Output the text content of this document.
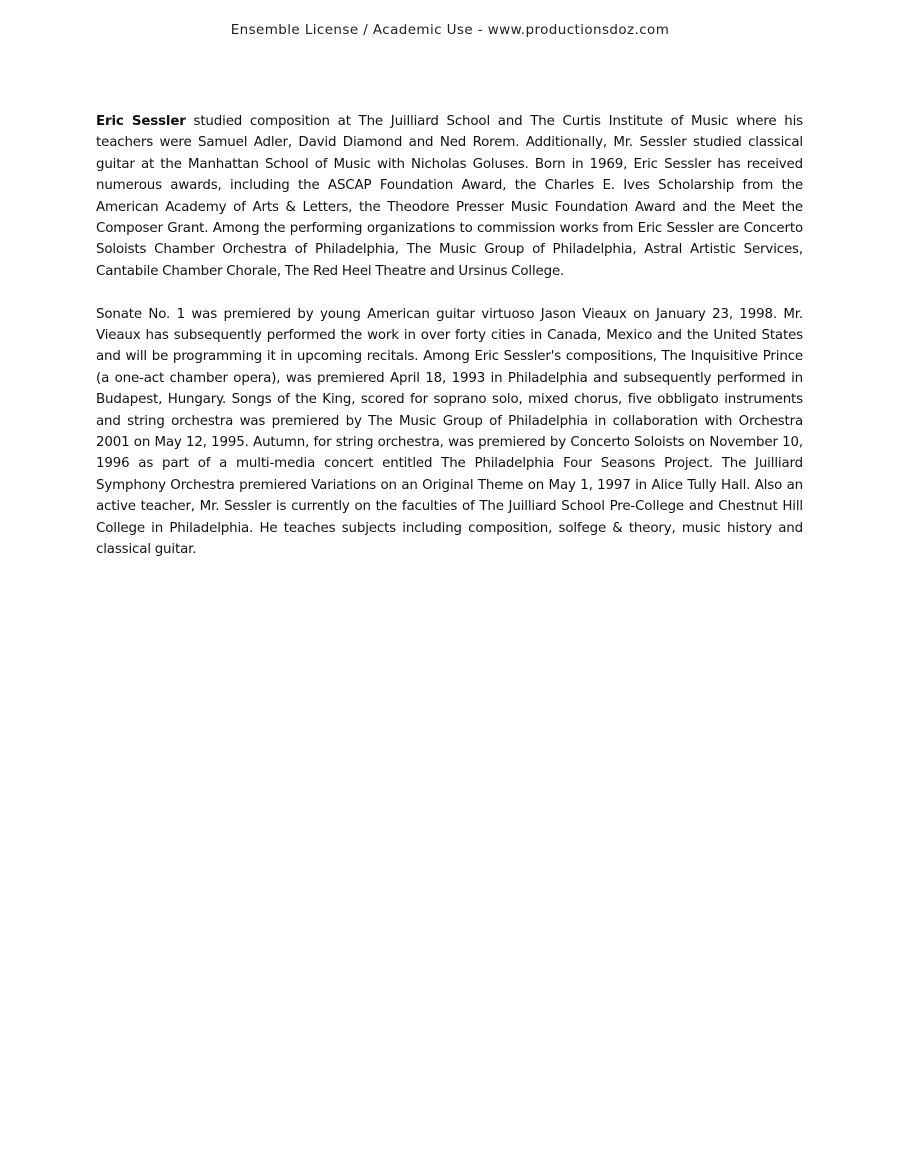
Ensemble License / Academic Use - www.productionsdoz.com

Eric Sessler studied composition at The Juilliard School and The Curtis Institute of Music where his teachers were Samuel Adler, David Diamond and Ned Rorem. Additionally, Mr. Sessler studied classical guitar at the Manhattan School of Music with Nicholas Goluses. Born in 1969, Eric Sessler has received numerous awards, including the ASCAP Foundation Award, the Charles E. Ives Scholarship from the American Academy of Arts & Letters, the Theodore Presser Music Foundation Award and the Meet the Composer Grant. Among the performing organizations to commission works from Eric Sessler are Concerto Soloists Chamber Orchestra of Philadelphia, The Music Group of Philadelphia, Astral Artistic Services, Cantabile Chamber Chorale, The Red Heel Theatre and Ursinus College.

Sonate No. 1 was premiered by young American guitar virtuoso Jason Vieaux on January 23, 1998. Mr. Vieaux has subsequently performed the work in over forty cities in Canada, Mexico and the United States and will be programming it in upcoming recitals. Among Eric Sessler's compositions, The Inquisitive Prince (a one-act chamber opera), was premiered April 18, 1993 in Philadelphia and subsequently performed in Budapest, Hungary. Songs of the King, scored for soprano solo, mixed chorus, five obbligato instruments and string orchestra was premiered by The Music Group of Philadelphia in collaboration with Orchestra 2001 on May 12, 1995. Autumn, for string orchestra, was premiered by Concerto Soloists on November 10, 1996 as part of a multi-media concert entitled The Philadelphia Four Seasons Project. The Juilliard Symphony Orchestra premiered Variations on an Original Theme on May 1, 1997 in Alice Tully Hall. Also an active teacher, Mr. Sessler is currently on the faculties of The Juilliard School Pre-College and Chestnut Hill College in Philadelphia. He teaches subjects including composition, solfege & theory, music history and classical guitar.
